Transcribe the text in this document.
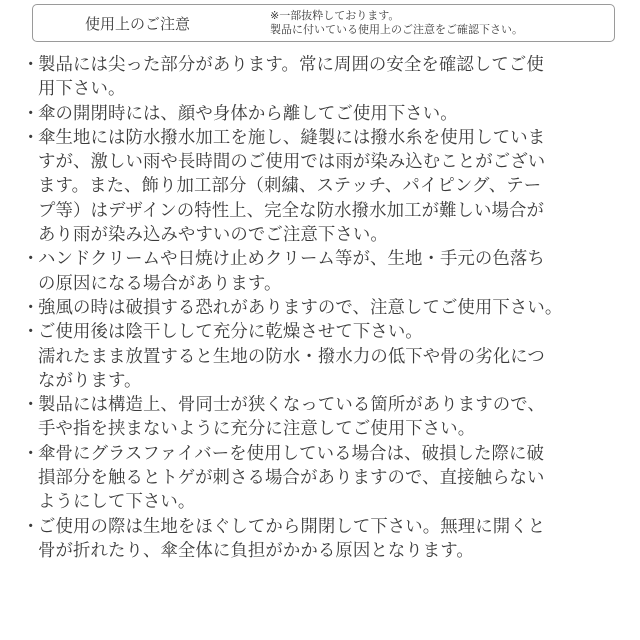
使用上のご注意	※一部抜粋しております。
製品に付いている使用上のご注意をご確認下さい。
・
製品には尖った部分があります。常に周囲の安全を確認してご使
用下さい。
・
傘の開閉時には、顔や身体から離してご使用下さい。
・
傘生地には防水撥水加工を施し、縫製には撥水糸を使用していま
すが、激しい雨や長時間のご使用では雨が染み込むことがござい
ます。また、飾り加工部分（刺繍、ステッチ、パイピング、テー
プ等）はデザインの特性上、完全な防水撥水加工が難しい場合が
あり雨が染み込みやすいのでご注意下さい。
・
ハンドクリームや日焼け止めクリーム等が、生地・手元の色落ち
の原因になる場合があります。
・
強風の時は破損する恐れがありますので、注意してご使用下さい。
・
ご使用後は陰干しして充分に乾燥させて下さい。
濡れたまま放置すると生地の防水・撥水力の低下や骨の劣化につ
ながります。
・
製品には構造上、骨同士が狭くなっている箇所がありますので、
手や指を挟まないように充分に注意してご使用下さい。
・
傘骨にグラスファイバーを使用している場合は、破損した際に破
損部分を触るとトゲが刺さる場合がありますので、直接触らない
ようにして下さい。
・
ご使用の際は生地をほぐしてから開閉して下さい。無理に開くと
骨が折れたり、傘全体に負担がかかる原因となります。
